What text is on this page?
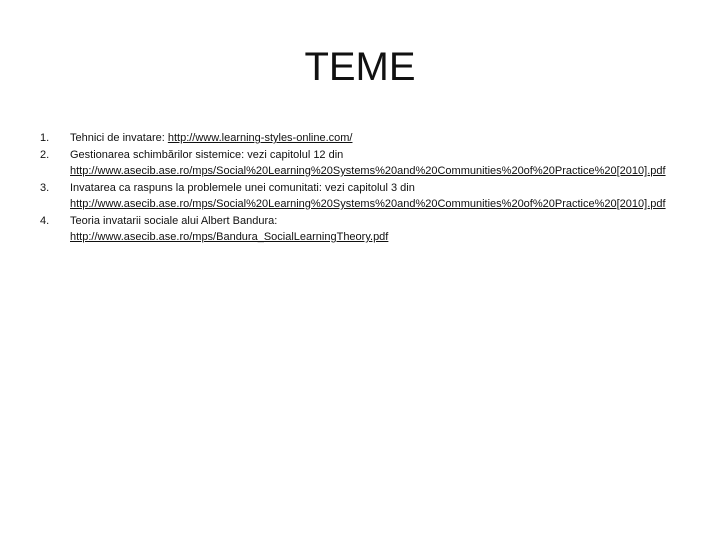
TEME
1.	Tehnici de invatare: http://www.learning-styles-online.com/
2.	Gestionarea schimbărilor sistemice: vezi capitolul 12 din
http://www.asecib.ase.ro/mps/Social%20Learning%20Systems%20and%20Communities%20of%20Practice%20[2010].pdf
3.	Invatarea ca raspuns la problemele unei comunitati: vezi capitolul 3 din
http://www.asecib.ase.ro/mps/Social%20Learning%20Systems%20and%20Communities%20of%20Practice%20[2010].pdf
4.	Teoria invatarii sociale alui Albert Bandura:
http://www.asecib.ase.ro/mps/Bandura_SocialLearningTheory.pdf
